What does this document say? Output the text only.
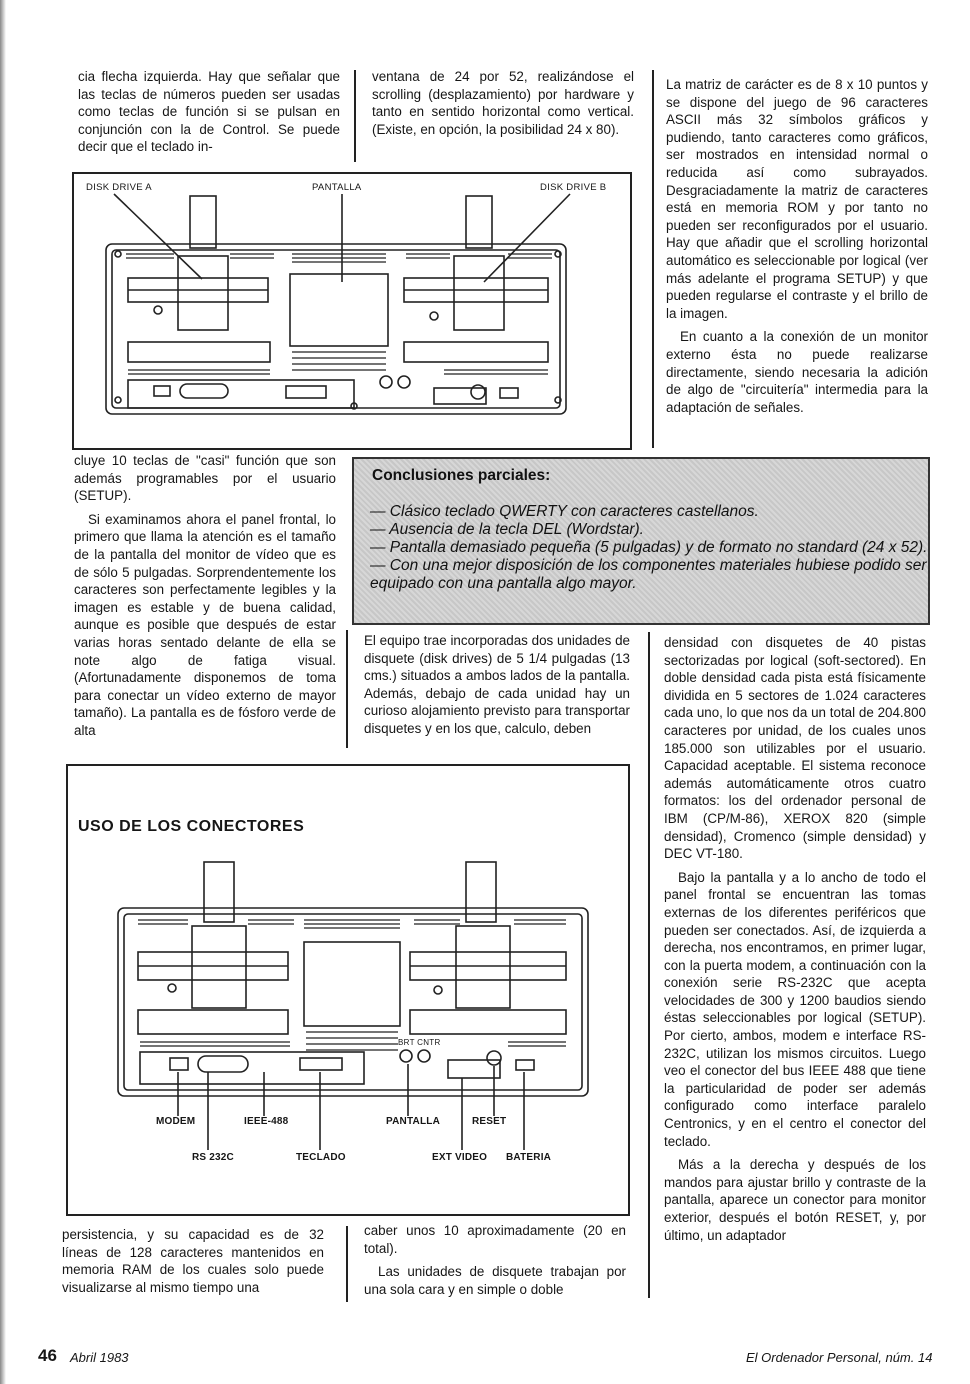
cia flecha izquierda. Hay que señalar que las teclas de números pueden ser usadas como teclas de función si se pulsan en conjunción con la de Control. Se puede decir que el teclado in-

ventana de 24 por 52, realizándose el scrolling (desplazamiento) por hardware y tanto en sentido horizontal como vertical. (Existe, en opción, la posibilidad 24 x 80).

La matriz de carácter es de 8 x 10 puntos y se dispone del juego de 96 caracteres ASCII más 32 símbolos gráficos y pudiendo, tanto caracteres como gráficos, ser mostrados en intensidad normal o reducida así como subrayados. Desgraciadamente la matriz de caracteres está en memoria ROM y por tanto no pueden ser reconfigurados por el usuario. Hay que añadir que el scrolling horizontal automático es seleccionable por logical (ver más adelante el programa SETUP) y que pueden regularse el contraste y el brillo de la imagen.

En cuanto a la conexión de un monitor externo ésta no puede realizarse directamente, siendo necesaria la adición de algo de "circuitería" intermedia para la adaptación de señales.

DISK DRIVE A	PANTALLA	DISK DRIVE B

cluye 10 teclas de "casi" función que son además programables por el usuario (SETUP).

Si examinamos ahora el panel frontal, lo primero que llama la atención es el tamaño de la pantalla del monitor de vídeo que es de sólo 5 pulgadas. Sorprendentemente los caracteres son perfectamente legibles y la imagen es estable y de buena calidad, aunque es posible que después de estar varias horas sentado delante de ella se note algo de fatiga visual. (Afortunadamente disponemos de toma para conectar un vídeo externo de mayor tamaño). La pantalla es de fósforo verde de alta

Conclusiones parciales:
— Clásico teclado QWERTY con caracteres castellanos.
— Ausencia de la tecla DEL (Wordstar).
— Pantalla demasiado pequeña (5 pulgadas) y de formato no standard (24 x 52).
— Con una mejor disposición de los componentes materiales hubiese podido ser equipado con una pantalla algo mayor.

El equipo trae incorporadas dos unidades de disquete (disk drives) de 5 1/4 pulgadas (13 cms.) situados a ambos lados de la pantalla. Además, debajo de cada unidad hay un curioso alojamiento previsto para transportar disquetes y en los que, calculo, deben

densidad con disquetes de 40 pistas sectorizadas por logical (soft-sectored). En doble densidad cada pista está físicamente dividida en 5 sectores de 1.024 caracteres cada uno, lo que nos da un total de 204.800 caracteres por unidad, de los cuales unos 185.000 son utilizables por el usuario. Capacidad aceptable. El sistema reconoce además automáticamente otros cuatro formatos: los del ordenador personal de IBM (CP/M-86), XEROX 820 (simple densidad), Cromenco (simple densidad) y DEC VT-180.

Bajo la pantalla y a lo ancho de todo el panel frontal se encuentran las tomas externas de los diferentes periféricos que pueden ser conectados. Así, de izquierda a derecha, nos encontramos, en primer lugar, con la puerta modem, a continuación con la conexión serie RS-232C que acepta velocidades de 300 y 1200 baudios siendo éstas seleccionables por logical (SETUP). Por cierto, ambos, modem e interface RS-232C, utilizan los mismos circuitos. Luego veo el conector del bus IEEE 488 que tiene la particularidad de poder ser además configurado como interface paralelo Centronics, y en el centro el conector del teclado.

Más a la derecha y después de los mandos para ajustar brillo y contraste de la pantalla, aparece un conector para monitor exterior, después el botón RESET, y, por último, un adaptador

USO DE LOS CONECTORES
MODEM	IEEE-488
RS 232C	TECLADO
PANTALLA	RESET
EXT VIDEO BATERIA
BRT CNTR

persistencia, y su capacidad es de 32 líneas de 128 caracteres mantenidos en memoria RAM de los cuales solo puede visualizarse al mismo tiempo una

caber unos 10 aproximadamente (20 en total).

Las unidades de disquete trabajan por una sola cara y en simple o doble

46 Abril 1983	El Ordenador Personal, núm. 14
